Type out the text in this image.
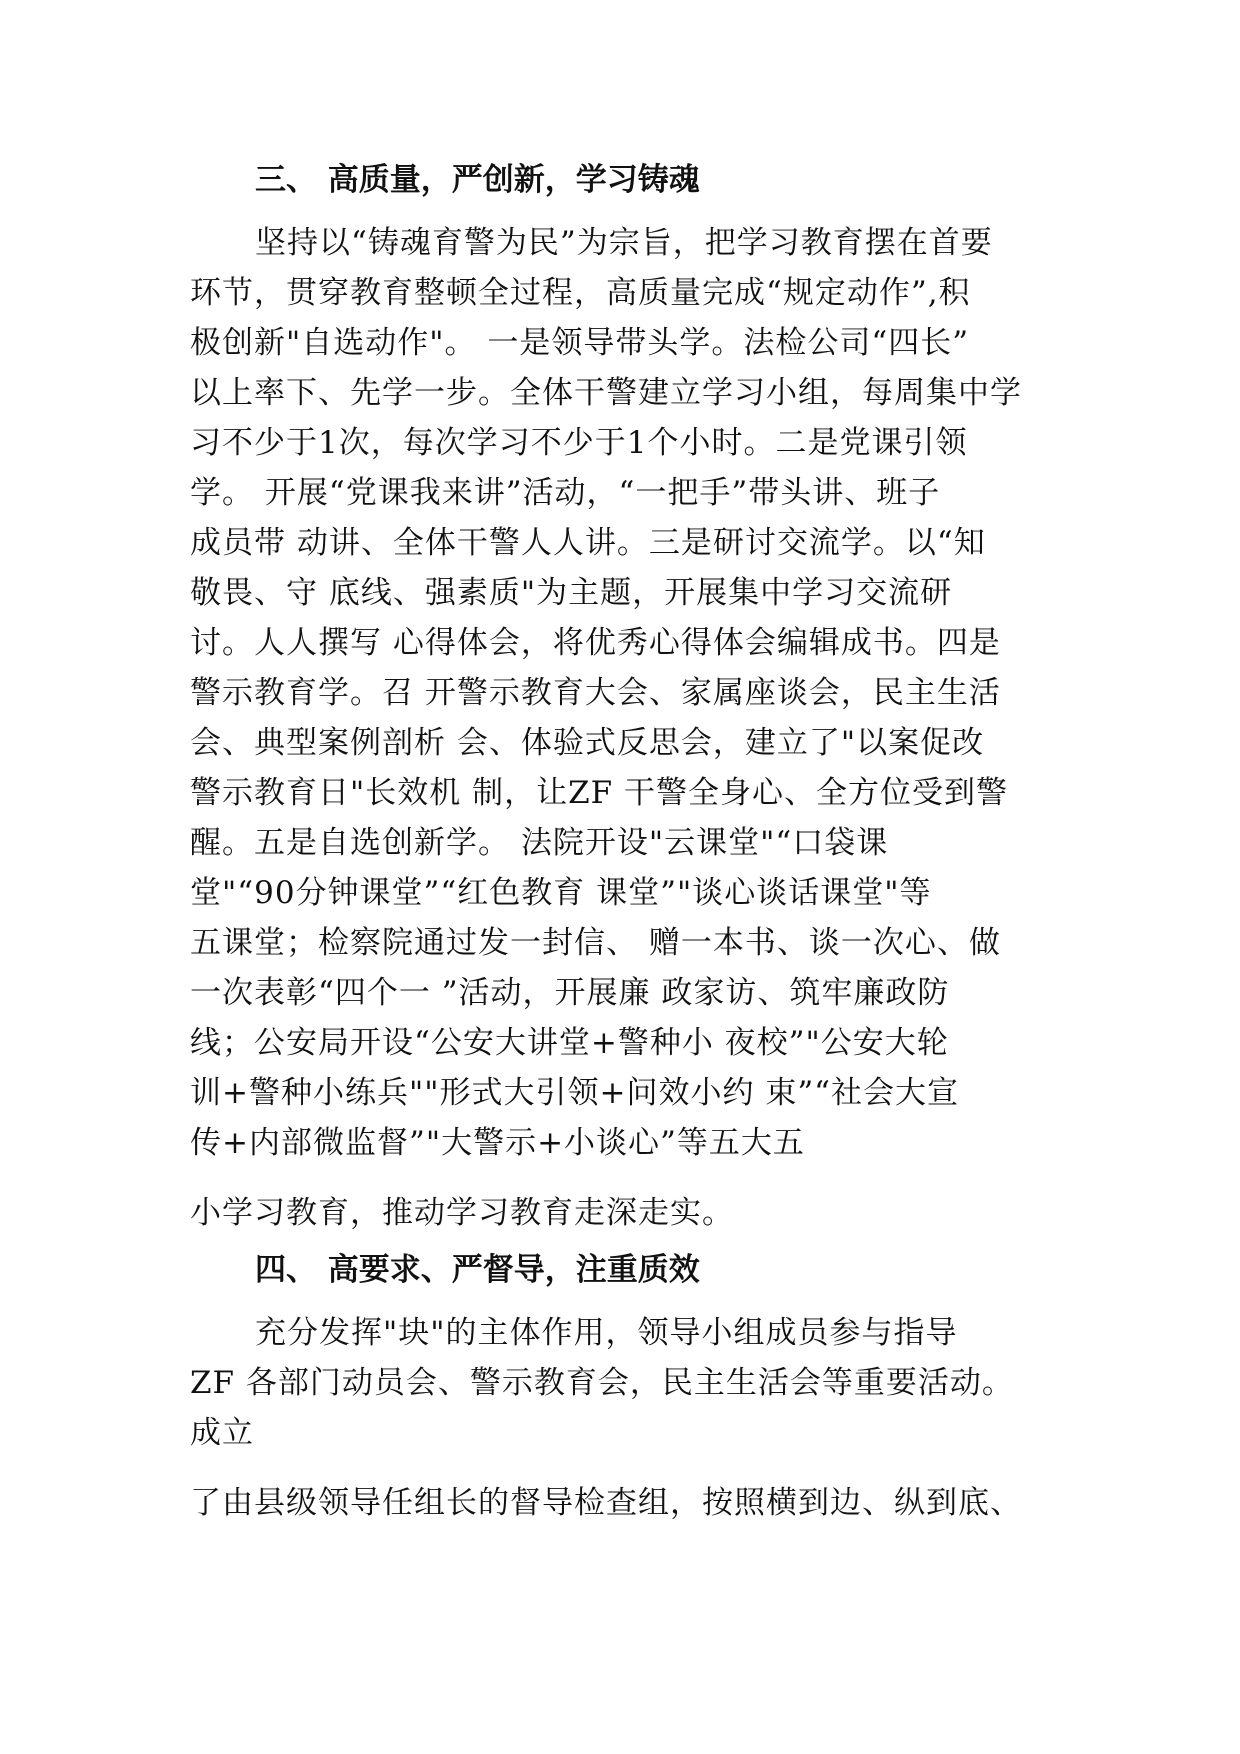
三、 高质量，严创新，学习铸魂
坚持以“铸魂育警为民”为宗旨，把学习教育摆在首要
环节，贯穿教育整顿全过程，高质量完成“规定动作”,积
极创新"自选动作"。 一是领导带头学。法检公司“四长”
以上率下、先学一步。全体干警建立学习小组，每周集中学
习不少于1次，每次学习不少于1个小时。二是党课引领
学。 开展“党课我来讲”活动，“一把手”带头讲、班子
成员带 动讲、全体干警人人讲。三是研讨交流学。以“知
敬畏、守 底线、强素质"为主题，开展集中学习交流研
讨。人人撰写 心得体会，将优秀心得体会编辑成书。四是
警示教育学。召 开警示教育大会、家属座谈会，民主生活
会、典型案例剖析 会、体验式反思会，建立了"以案促改
警示教育日"长效机 制，让ZF 干警全身心、全方位受到警
醒。五是自选创新学。 法院开设"云课堂"“口袋课
堂"“90分钟课堂”“红色教育 课堂”"谈心谈话课堂"等
五课堂；检察院通过发一封信、 赠一本书、谈一次心、做
一次表彰“四个一 ”活动，开展廉 政家访、筑牢廉政防
线；公安局开设“公安大讲堂+警种小 夜校”"公安大轮
训+警种小练兵""形式大引领+问效小约 束”“社会大宣
传+内部微监督”"大警示+小谈心”等五大五
小学习教育，推动学习教育走深走实。
四、 高要求、严督导，注重质效
充分发挥"块"的主体作用，领导小组成员参与指导
ZF 各部门动员会、警示教育会，民主生活会等重要活动。
成立
了由县级领导任组长的督导检查组，按照横到边、纵到底、
